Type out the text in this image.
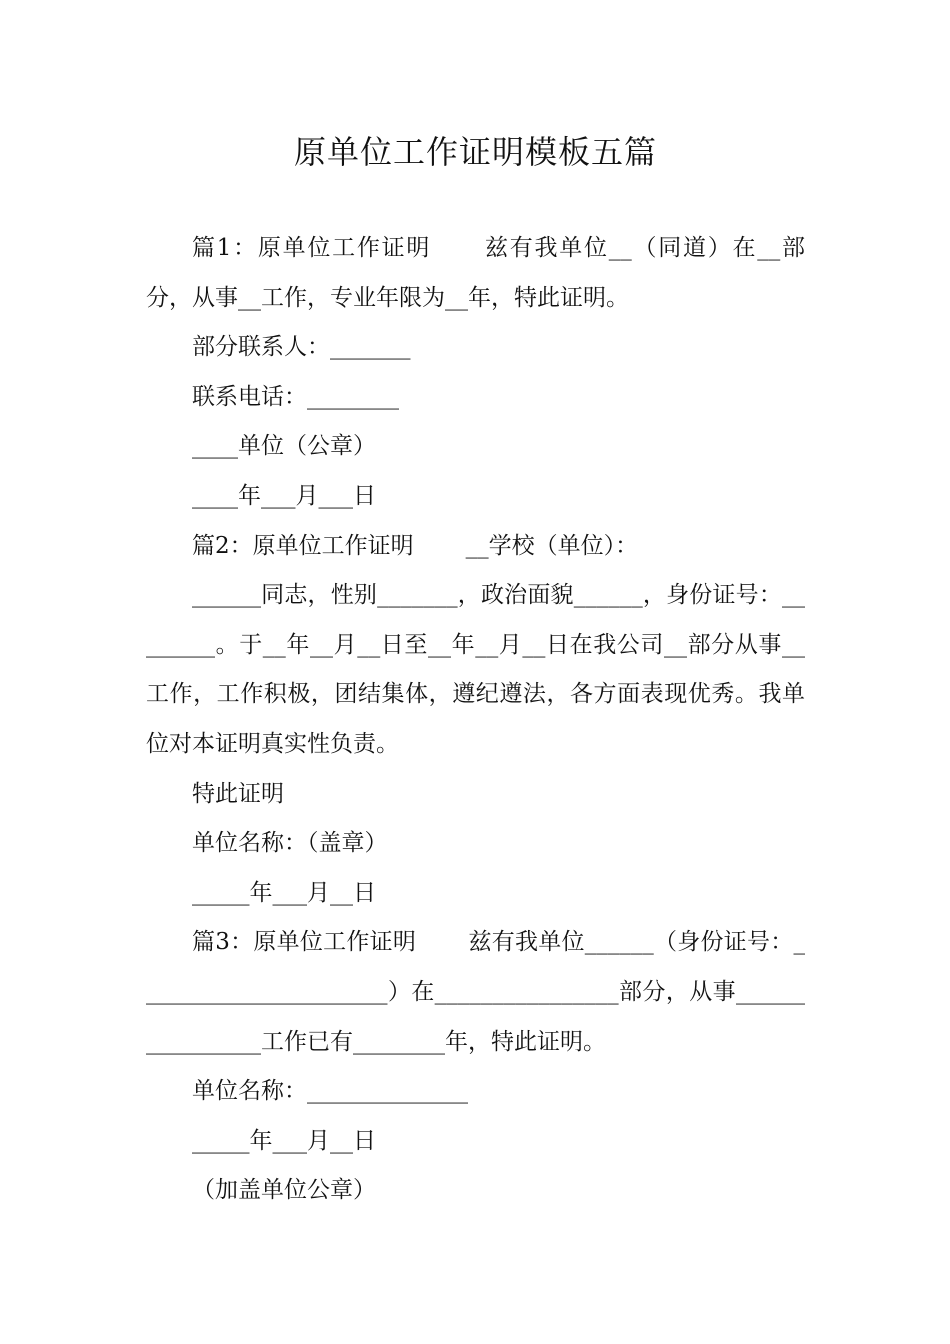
原单位工作证明模板五篇

篇1：原单位工作证明 兹有我单位__（同道）在__部分，从事__工作，专业年限为__年，特此证明。

部分联系人：_______

联系电话：________

____单位（公章）

____年___月___日

篇2：原单位工作证明 __学校（单位）：

______同志，性别_______，政治面貌______，身份证号：________。于__年__月__日至__年__月__日在我公司__部分从事__工作，工作积极，团结集体，遵纪遵法，各方面表现优秀。我单位对本证明真实性负责。

特此证明

单位名称：（盖章）

_____年___月__日

篇3：原单位工作证明 兹有我单位______（身份证号：______________________）在________________部分，从事________________工作已有________年，特此证明。

单位名称：______________

_____年___月__日

（加盖单位公章）
